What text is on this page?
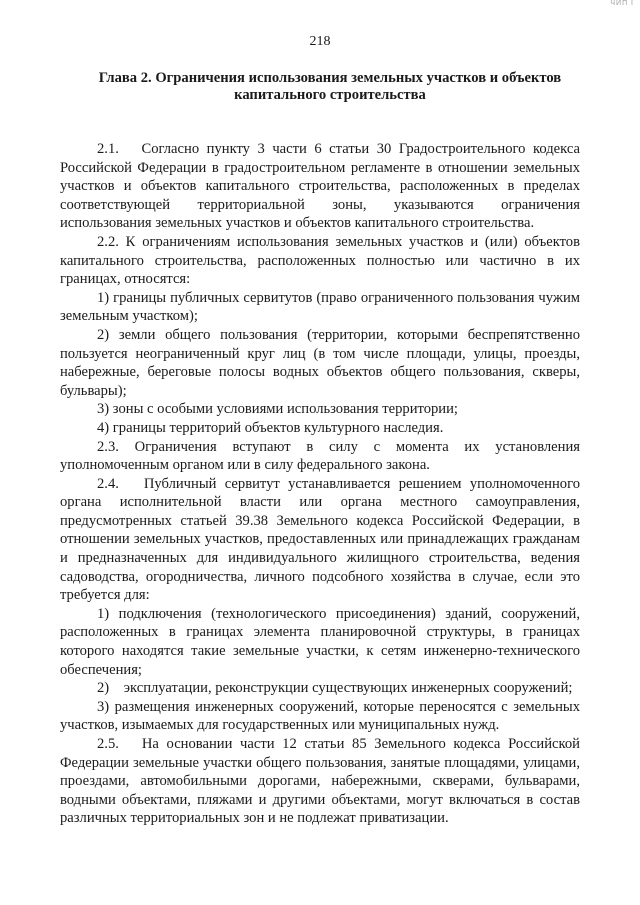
ЧИП I
218
Глава 2. Ограничения использования земельных участков и объектов капитального строительства

2.1.   Согласно пункту 3 части 6 статьи 30 Градостроительного кодекса Российской Федерации в градостроительном регламенте в отношении земельных участков и объектов капитального строительства, расположенных в пределах соответствующей территориальной зоны, указываются ограничения использования земельных участков и объектов капитального строительства.

2.2. К ограничениям использования земельных участков и (или) объектов капитального строительства, расположенных полностью или частично в их границах, относятся:

1) границы публичных сервитутов (право ограниченного пользования чужим земельным участком);

2) земли общего пользования (территории, которыми беспрепятственно пользуется неограниченный круг лиц (в том числе площади, улицы, проезды, набережные, береговые полосы водных объектов общего пользования, скверы, бульвары);

3) зоны с особыми условиями использования территории;

4) границы территорий объектов культурного наследия.

2.3. Ограничения вступают в силу с момента их установления уполномоченным органом или в силу федерального закона.

2.4.   Публичный сервитут устанавливается решением уполномоченного органа исполнительной власти или органа местного самоуправления, предусмотренных статьей 39.38 Земельного кодекса Российской Федерации, в отношении земельных участков, предоставленных или принадлежащих гражданам и предназначенных для индивидуального жилищного строительства, ведения садоводства, огородничества, личного подсобного хозяйства в случае, если это требуется для:

1) подключения (технологического присоединения) зданий, сооружений, расположенных в границах элемента планировочной структуры, в границах которого находятся такие земельные участки, к сетям инженерно-технического обеспечения;

2)    эксплуатации, реконструкции существующих инженерных сооружений;

3) размещения инженерных сооружений, которые переносятся с земельных участков, изымаемых для государственных или муниципальных нужд.

2.5.   На основании части 12 статьи 85 Земельного кодекса Российской Федерации земельные участки общего пользования, занятые площадями, улицами, проездами, автомобильными дорогами, набережными, скверами, бульварами, водными объектами, пляжами и другими объектами, могут включаться в состав различных территориальных зон и не подлежат приватизации.
